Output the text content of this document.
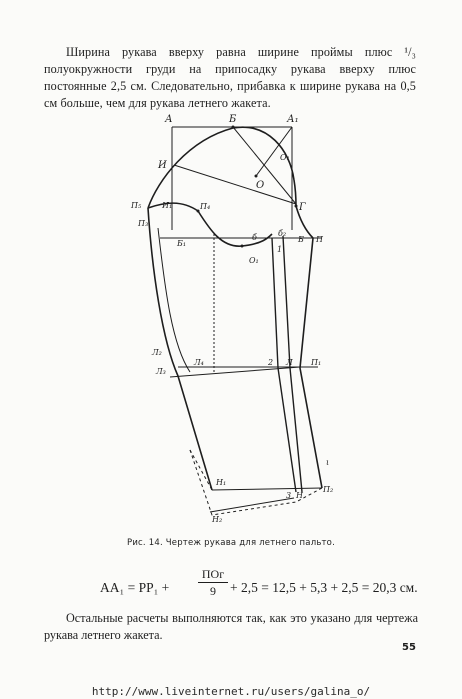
Ширина рукава вверху равна ширине проймы плюс ¹/₃ полуокружности груди на припосадку рукава вверху плюс постоянные 2,5 см. Следовательно, прибавка к ширине рукава на 0,5 см больше, чем для рукава летнего жакета.
А	Б	А₁
И
О₁
О
П₅	И₁	П₄	Г
П₃
Б₁
б	б₂
Б П
О₁
1
Л₂
Л₃
Л₄	2 Л П₁
ι
Н₁
3 Н
П₂
Н₂
Рис. 14. Чертеж рукава для летнего пальто.
AA₁ = PP₁ +
ПОг
9	+ 2,5 = 12,5 + 5,3 + 2,5 = 20,3 см.
Остальные расчеты выполняются так, как это указано для чертежа рукава летнего жакета.
55
http://www.liveinternet.ru/users/galina_o/
